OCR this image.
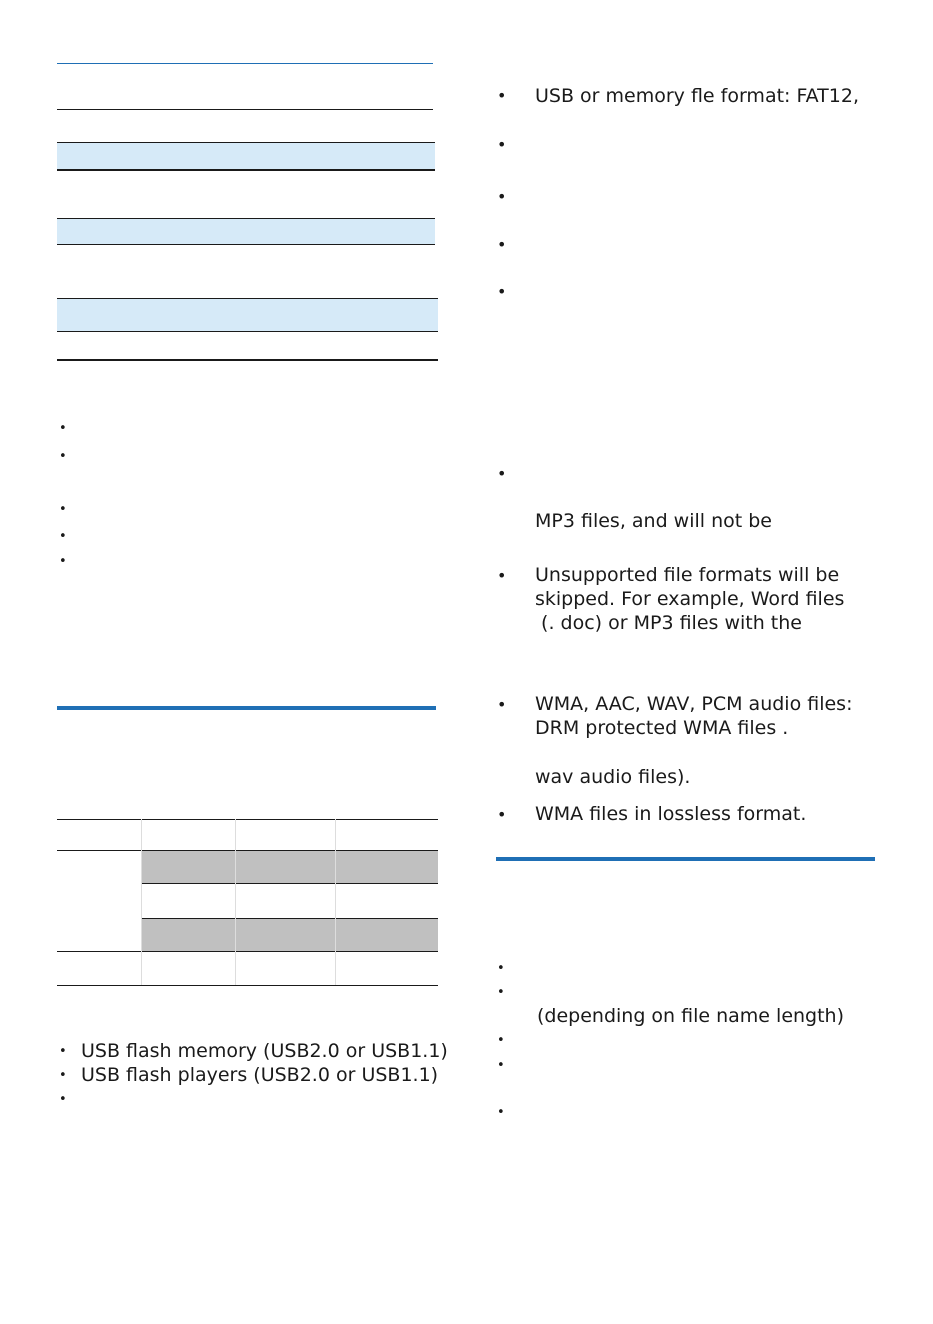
•
•
•
•
•
• USB flash memory (USB2.0 or USB1.1)
• USB flash players (USB2.0 or USB1.1)
•
• USB or memory fle format: FAT12,
•
•
•
•
•
MP3 files, and will not be
• Unsupported file formats will be
skipped. For example, Word files
(. doc) or MP3 files with the
• WMA, AAC, WAV, PCM audio files:
DRM protected WMA files .
wav audio files).
• WMA files in lossless format.
•
•
(depending on file name length)
•
•
•
